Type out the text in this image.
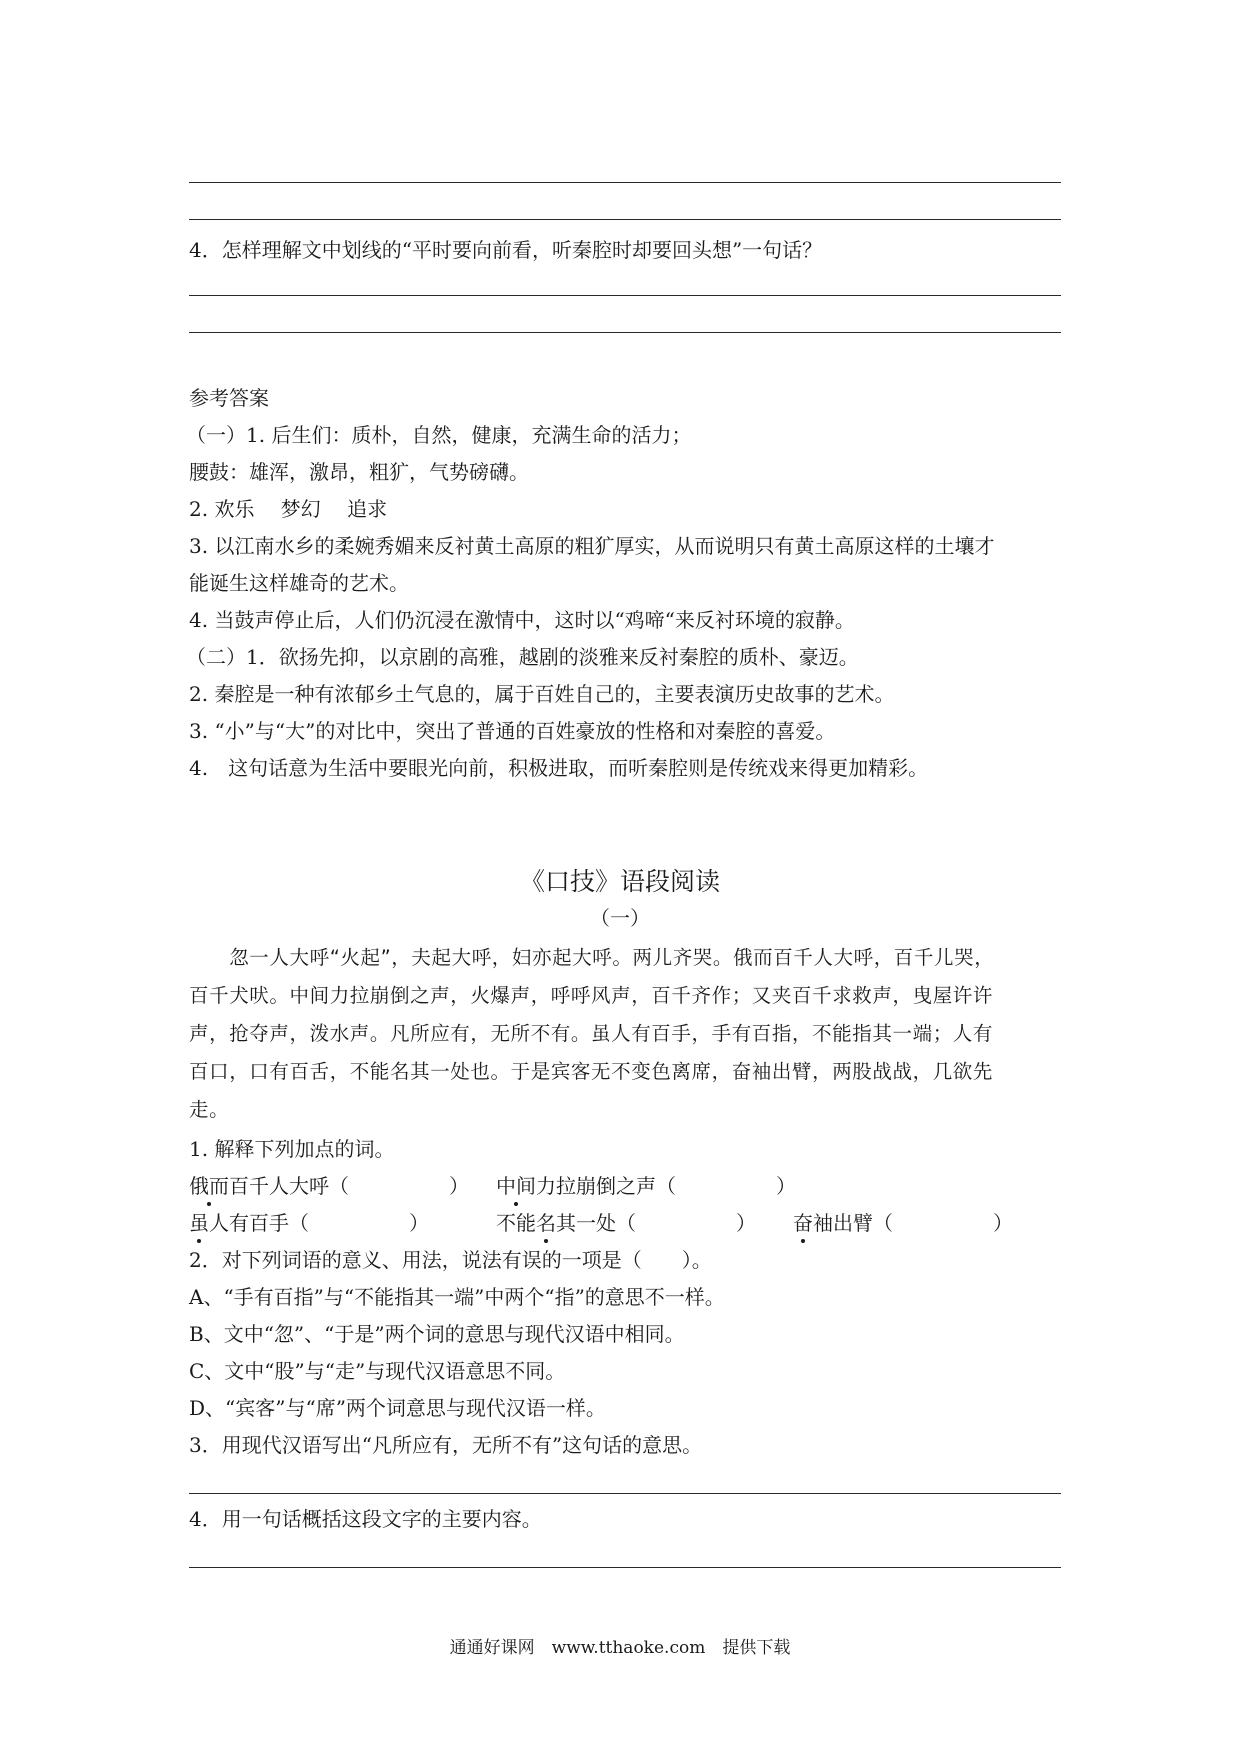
4．怎样理解文中划线的“平时要向前看，听秦腔时却要回头想”一句话？
参考答案
（一）1. 后生们：质朴，自然，健康，充满生命的活力；
腰鼓：雄浑，激昂，粗犷，气势磅礴。
2. 欢乐　 梦幻　 追求
3. 以江南水乡的柔婉秀媚来反衬黄土高原的粗犷厚实，从而说明只有黄土高原这样的土壤才
能诞生这样雄奇的艺术。
4. 当鼓声停止后，人们仍沉浸在激情中，这时以“鸡啼“来反衬环境的寂静。
（二）1．欲扬先抑，以京剧的高雅，越剧的淡雅来反衬秦腔的质朴、豪迈。
2. 秦腔是一种有浓郁乡土气息的，属于百姓自己的，主要表演历史故事的艺术。
3. “小”与“大”的对比中，突出了普通的百姓豪放的性格和对秦腔的喜爱。
4.　这句话意为生活中要眼光向前，积极进取，而听秦腔则是传统戏来得更加精彩。
《口技》语段阅读
（一）
　　忽一人大呼“火起”，夫起大呼，妇亦起大呼。两儿齐哭。俄而百千人大呼，百千儿哭，
百千犬吠。中间力拉崩倒之声，火爆声，呼呼风声，百千齐作；又夹百千求救声，曳屋许许
声，抢夺声，泼水声。凡所应有，无所不有。虽人有百手，手有百指，不能指其一端；人有
百口，口有百舌，不能名其一处也。于是宾客无不变色离席，奋袖出臂，两股战战，几欲先
走。
1. 解释下列加点的词。
俄而百千人大呼（　　　　　） 中间力拉崩倒之声（　　　　　）
虽人有百手（　　　　　）	不能名其一处（　　　　　） 奋袖出臂（　　　　　）
2．对下列词语的意义、用法，说法有误的一项是（　　）。
A、“手有百指”与“不能指其一端”中两个“指”的意思不一样。
B、文中“忽”、“于是”两个词的意思与现代汉语中相同。
C、文中“股”与“走”与现代汉语意思不同。
D、“宾客”与“席”两个词意思与现代汉语一样。
3．用现代汉语写出“凡所应有，无所不有”这句话的意思。
4．用一句话概括这段文字的主要内容。
通通好课网　www.tthaoke.com　提供下载
